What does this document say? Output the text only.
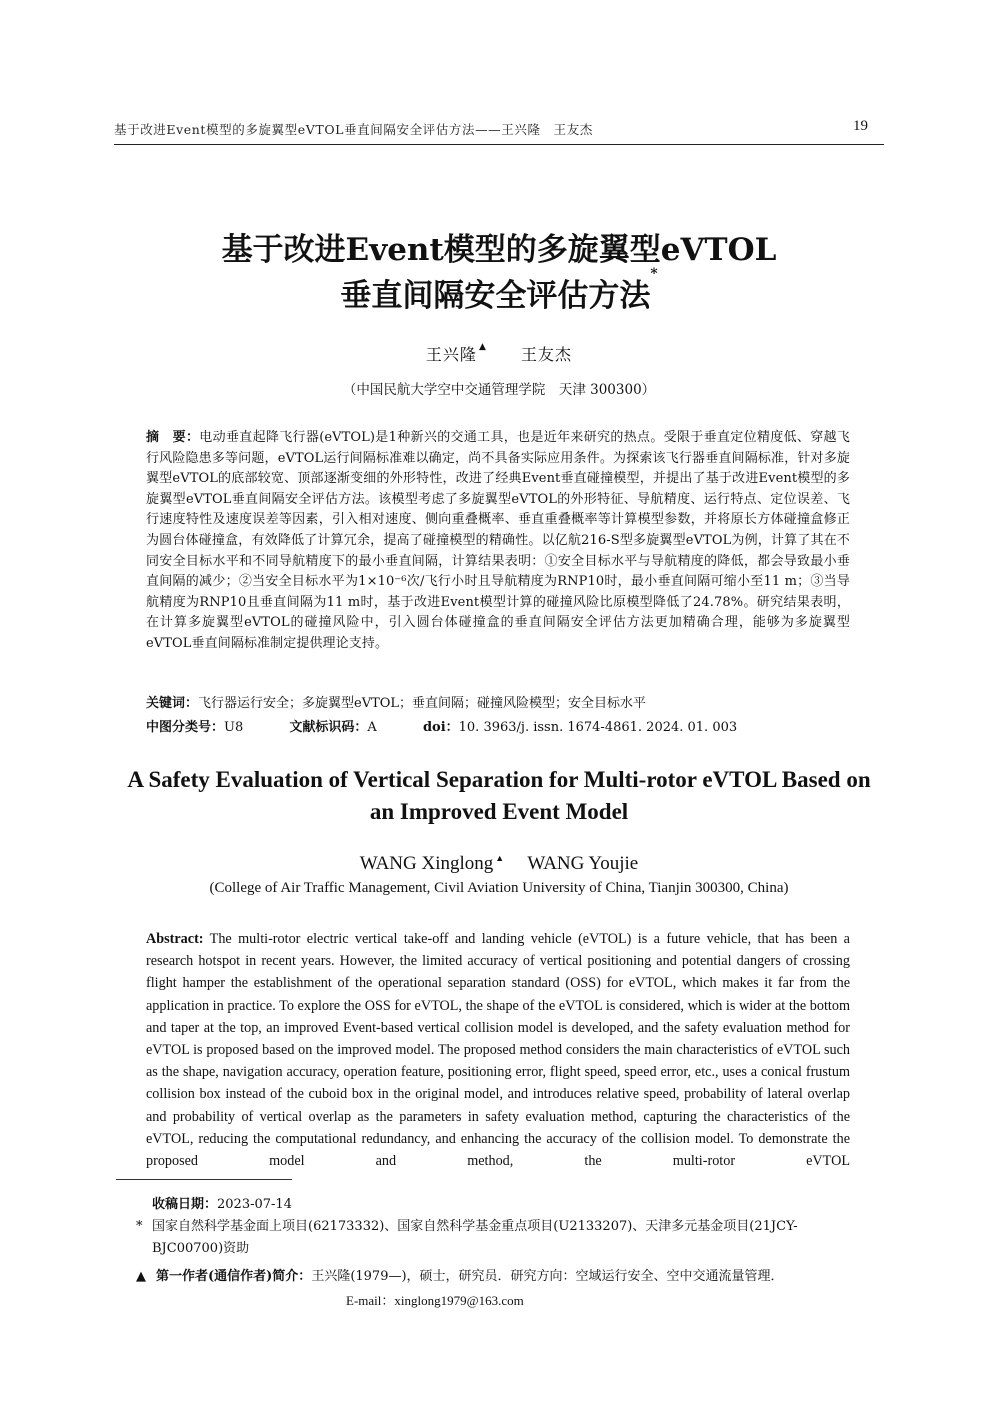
基于改进Event模型的多旋翼型eVTOL垂直间隔安全评估方法——王兴隆　王友杰	19
基于改进Event模型的多旋翼型eVTOL
垂直间隔安全评估方法*
王兴隆 ▲ 王友杰
（中国民航大学空中交通管理学院　天津 300300）
摘　要：电动垂直起降飞行器(eVTOL)是1种新兴的交通工具，也是近年来研究的热点。受限于垂直定位精度低、穿越飞行风险隐患多等问题，eVTOL运行间隔标准难以确定，尚不具备实际应用条件。为探索该飞行器垂直间隔标准，针对多旋翼型eVTOL的底部较宽、顶部逐渐变细的外形特性，改进了经典Event垂直碰撞模型，并提出了基于改进Event模型的多旋翼型eVTOL垂直间隔安全评估方法。该模型考虑了多旋翼型eVTOL的外形特征、导航精度、运行特点、定位误差、飞行速度特性及速度误差等因素，引入相对速度、侧向重叠概率、垂直重叠概率等计算模型参数，并将原长方体碰撞盒修正为圆台体碰撞盒，有效降低了计算冗余，提高了碰撞模型的精确性。以亿航216-S型多旋翼型eVTOL为例，计算了其在不同安全目标水平和不同导航精度下的最小垂直间隔，计算结果表明：①安全目标水平与导航精度的降低，都会导致最小垂直间隔的减少；②当安全目标水平为1×10⁻⁶次/飞行小时且导航精度为RNP10时，最小垂直间隔可缩小至11 m；③当导航精度为RNP10且垂直间隔为11 m时，基于改进Event模型计算的碰撞风险比原模型降低了24.78%。研究结果表明，在计算多旋翼型eVTOL的碰撞风险中，引入圆台体碰撞盒的垂直间隔安全评估方法更加精确合理，能够为多旋翼型eVTOL垂直间隔标准制定提供理论支持。
关键词：飞行器运行安全；多旋翼型eVTOL；垂直间隔；碰撞风险模型；安全目标水平
中图分类号：U8	文献标识码：A	doi：10. 3963/j. issn. 1674-4861. 2024. 01. 003
A Safety Evaluation of Vertical Separation for Multi-rotor eVTOL Based on an Improved Event Model
WANG Xinglong ▲ WANG Youjie
(College of Air Traffic Management, Civil Aviation University of China, Tianjin 300300, China)
Abstract: The multi-rotor electric vertical take-off and landing vehicle (eVTOL) is a future vehicle, that has been a research hotspot in recent years. However, the limited accuracy of vertical positioning and potential dangers of crossing flight hamper the establishment of the operational separation standard (OSS) for eVTOL, which makes it far from the application in practice. To explore the OSS for eVTOL, the shape of the eVTOL is considered, which is wider at the bottom and taper at the top, an improved Event-based vertical collision model is developed, and the safety evaluation method for eVTOL is proposed based on the improved model. The proposed method considers the main characteristics of eVTOL such as the shape, navigation accuracy, operation feature, positioning error, flight speed, speed error, etc., uses a conical frustum collision box instead of the cuboid box in the original model, and introduces relative speed, probability of lateral overlap and probability of vertical overlap as the parameters in safety evaluation method, capturing the characteristics of the eVTOL, reducing the computational redundancy, and enhancing the accuracy of the collision model. To demonstrate the proposed model and method, the multi-rotor eVTOL
收稿日期：2023-07-14
* 国家自然科学基金面上项目(62173332)、国家自然科学基金重点项目(U2133207)、天津多元基金项目(21JCY-
BJC00700)资助
▲ 第一作者(通信作者)简介：王兴隆(1979—)，硕士，研究员．研究方向：空域运行安全、空中交通流量管理．
E-mail：xinglong1979@163.com
